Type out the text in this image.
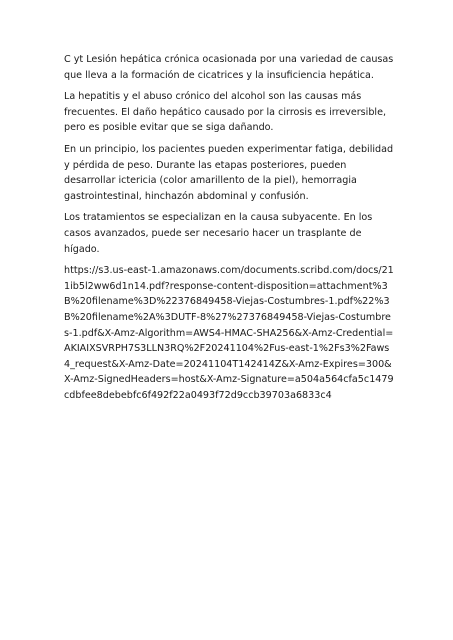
C yt Lesión hepática crónica ocasionada por una variedad de causas que lleva a la formación de cicatrices y la insuficiencia hepática.

La hepatitis y el abuso crónico del alcohol son las causas más frecuentes. El daño hepático causado por la cirrosis es irreversible, pero es posible evitar que se siga dañando.

En un principio, los pacientes pueden experimentar fatiga, debilidad y pérdida de peso. Durante las etapas posteriores, pueden desarrollar ictericia (color amarillento de la piel), hemorragia gastrointestinal, hinchazón abdominal y confusión.

Los tratamientos se especializan en la causa subyacente. En los casos avanzados, puede ser necesario hacer un trasplante de hígado.

https://s3.us-east-1.amazonaws.com/documents.scribd.com/docs/211ib5l2ww6d1n14.pdf?response-content-disposition=attachment%3B%20filename%3D%22376849458-Viejas-Costumbres-1.pdf%22%3B%20filename%2A%3DUTF-8%27%27376849458-Viejas-Costumbres-1.pdf&X-Amz-Algorithm=AWS4-HMAC-SHA256&X-Amz-Credential=AKIAIXSVRPH7S3LLN3RQ%2F20241104%2Fus-east-1%2Fs3%2Faws4_request&X-Amz-Date=20241104T142414Z&X-Amz-Expires=300&X-Amz-SignedHeaders=host&X-Amz-Signature=a504a564cfa5c1479cdbfee8debebfc6f492f22a0493f72d9ccb39703a6833c4
